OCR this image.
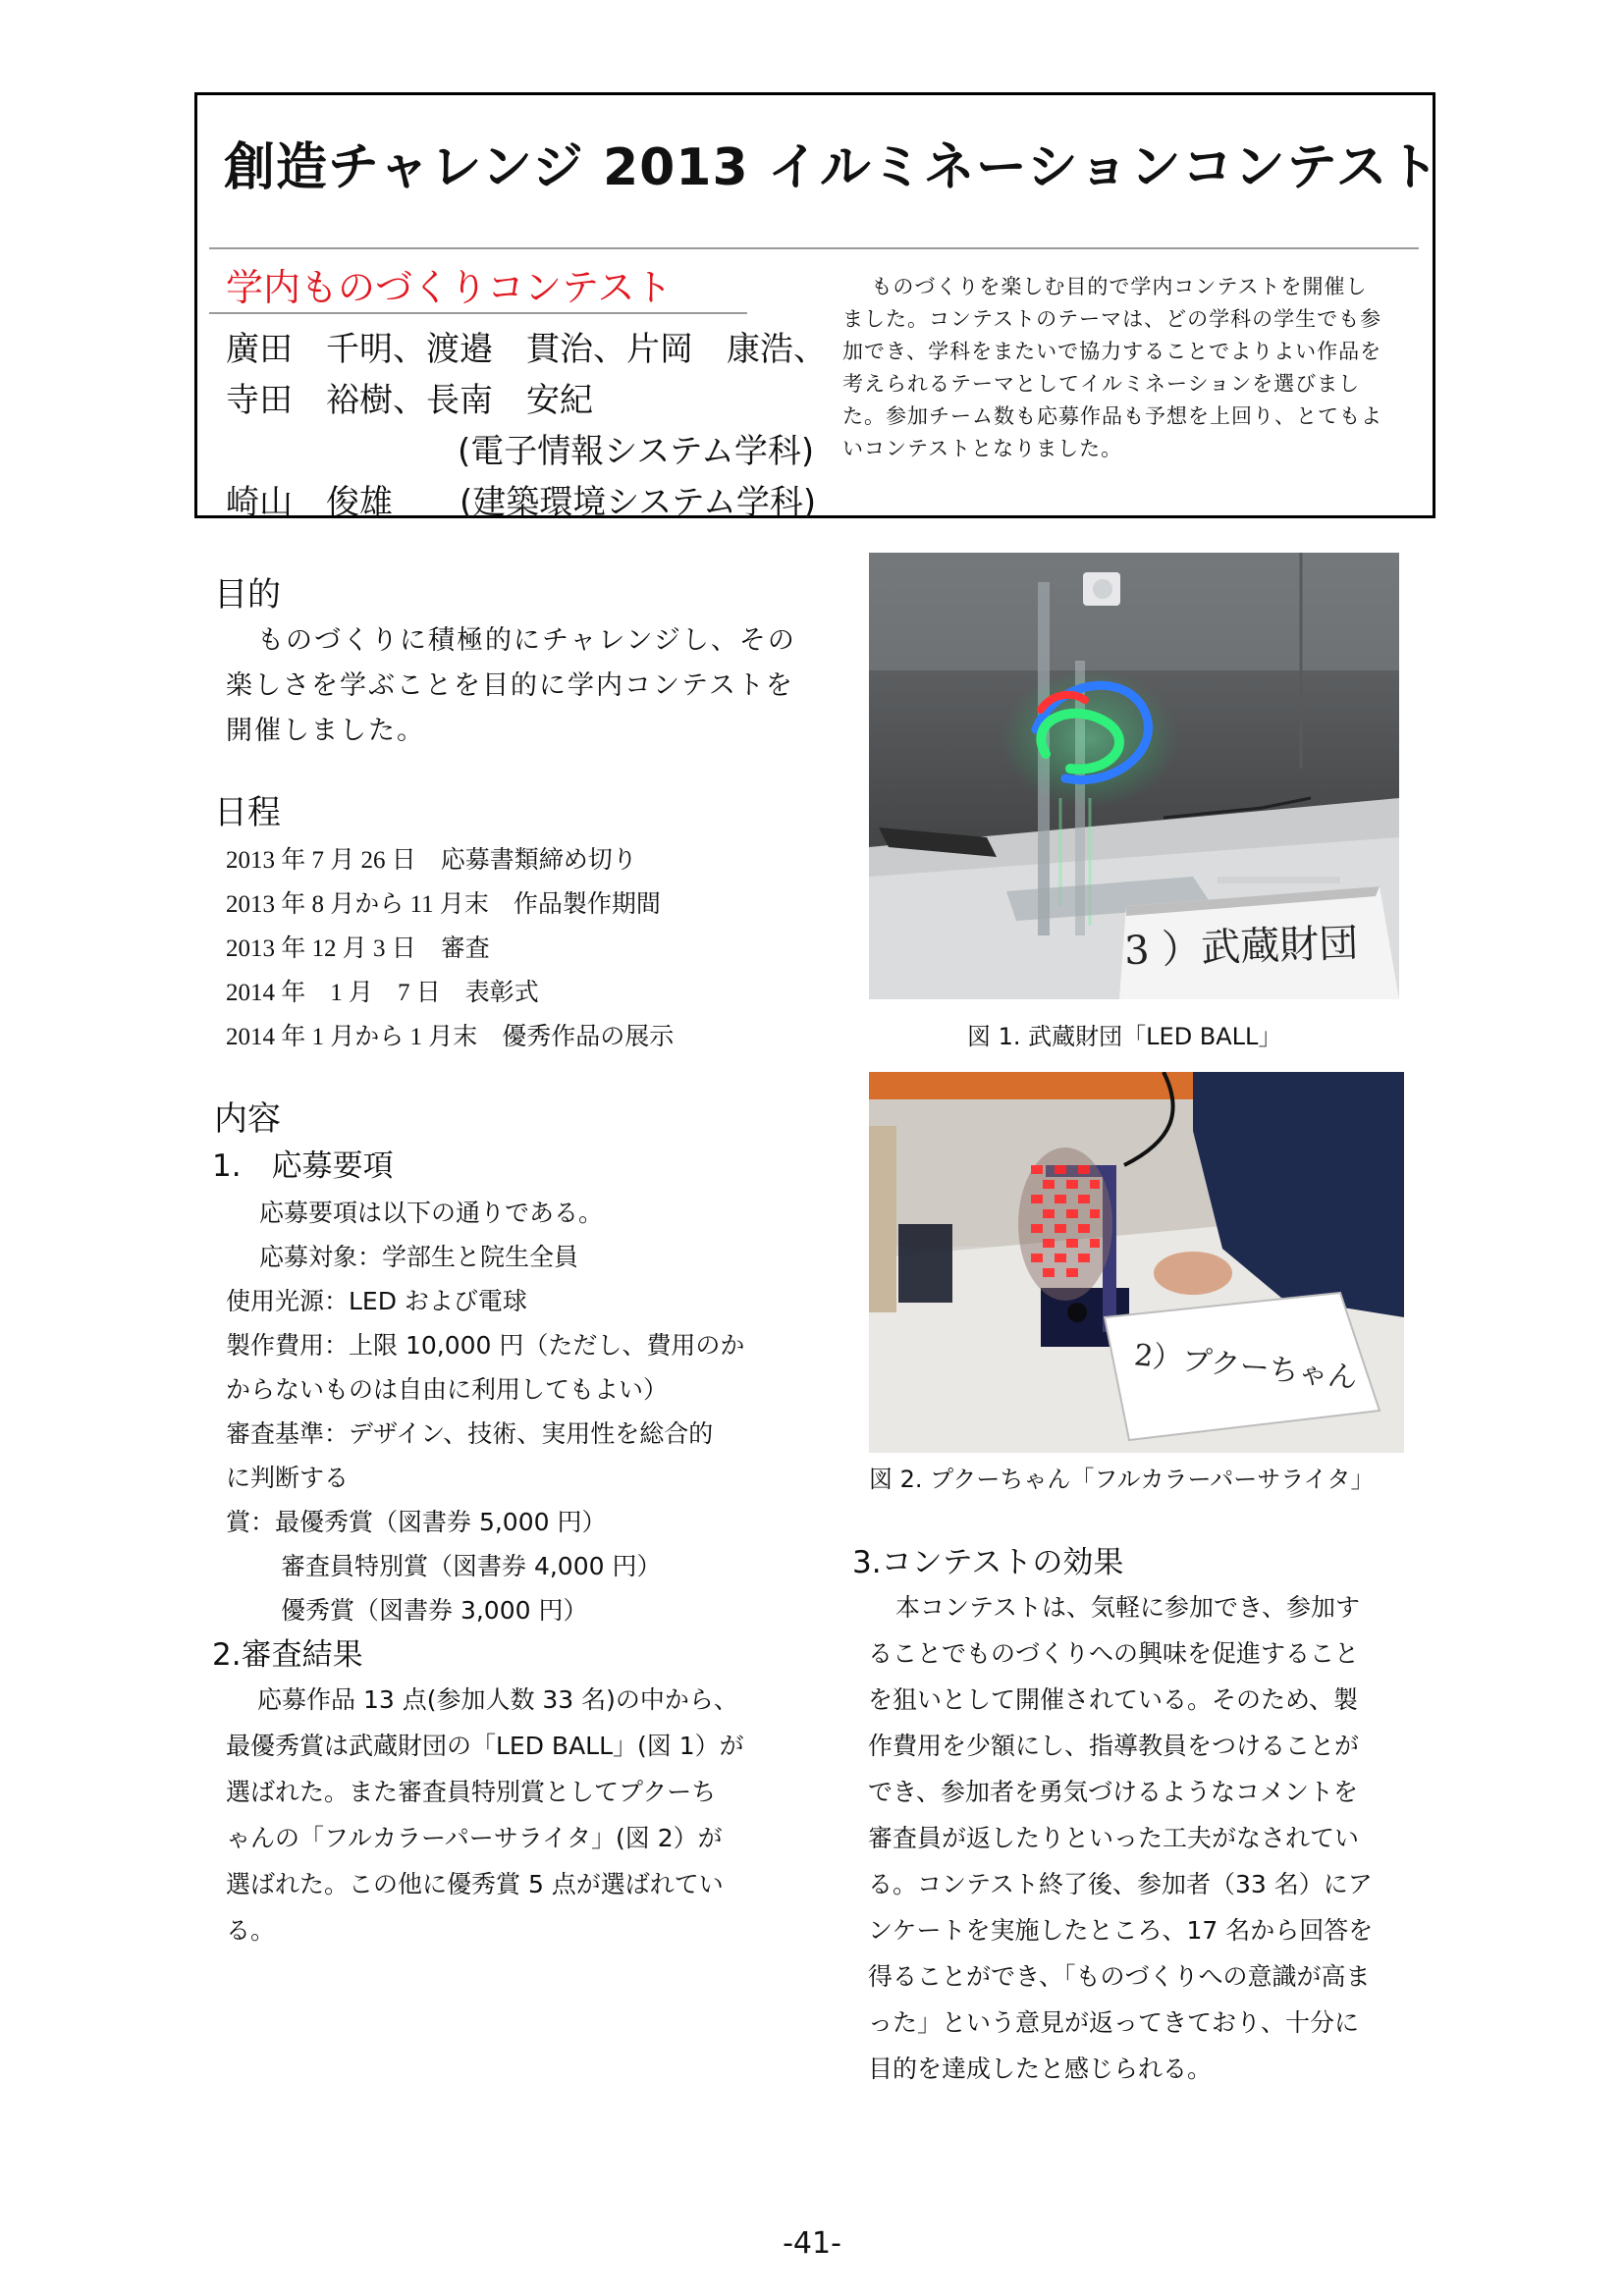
創造チャレンジ 2013 イルミネーションコンテスト
学内ものづくりコンテスト
廣田　千明、渡邉　貫治、片岡　康浩、
寺田　裕樹、長南　安紀
(電子情報システム学科)
崎山　俊雄　　(建築環境システム学科)
ものづくりを楽しむ目的で学内コンテストを開催し
ました。コンテストのテーマは、どの学科の学生でも参
加でき、学科をまたいで協力することでよりよい作品を
考えられるテーマとしてイルミネーションを選びまし
た。参加チーム数も応募作品も予想を上回り、とてもよ
いコンテストとなりました。
目的
ものづくりに積極的にチャレンジし、その
楽しさを学ぶことを目的に学内コンテストを
開催しました。
日程
2013 年 7 月 26 日　応募書類締め切り
2013 年 8 月から 11 月末　作品製作期間
2013 年 12 月 3 日　審査
2014 年　1 月　7 日　表彰式
2014 年 1 月から 1 月末　優秀作品の展示
内容
1.　応募要項
応募要項は以下の通りである。
応募対象：学部生と院生全員
使用光源：LED および電球
製作費用：上限 10,000 円（ただし、費用のか
からないものは自由に利用してもよい）
審査基準：デザイン、技術、実用性を総合的
に判断する
賞：最優秀賞（図書券 5,000 円）
審査員特別賞（図書券 4,000 円）
優秀賞（図書券 3,000 円）
2.審査結果
応募作品 13 点(参加人数 33 名)の中から、
最優秀賞は武蔵財団の「LED BALL」(図 1）が
選ばれた。また審査員特別賞としてプクーち
ゃんの「フルカラーパーサライタ」(図 2）が
選ばれた。この他に優秀賞 5 点が選ばれてい
る。
3 ）武蔵財団
図 1. 武蔵財団「LED BALL」
2）プクーちゃん
図 2. プクーちゃん「フルカラーパーサライタ」
3.コンテストの効果
本コンテストは、気軽に参加でき、参加す
ることでものづくりへの興味を促進すること
を狙いとして開催されている。そのため、製
作費用を少額にし、指導教員をつけることが
でき、参加者を勇気づけるようなコメントを
審査員が返したりといった工夫がなされてい
る。コンテスト終了後、参加者（33 名）にア
ンケートを実施したところ、17 名から回答を
得ることができ、「ものづくりへの意識が高ま
った」という意見が返ってきており、十分に
目的を達成したと感じられる。
-41-
